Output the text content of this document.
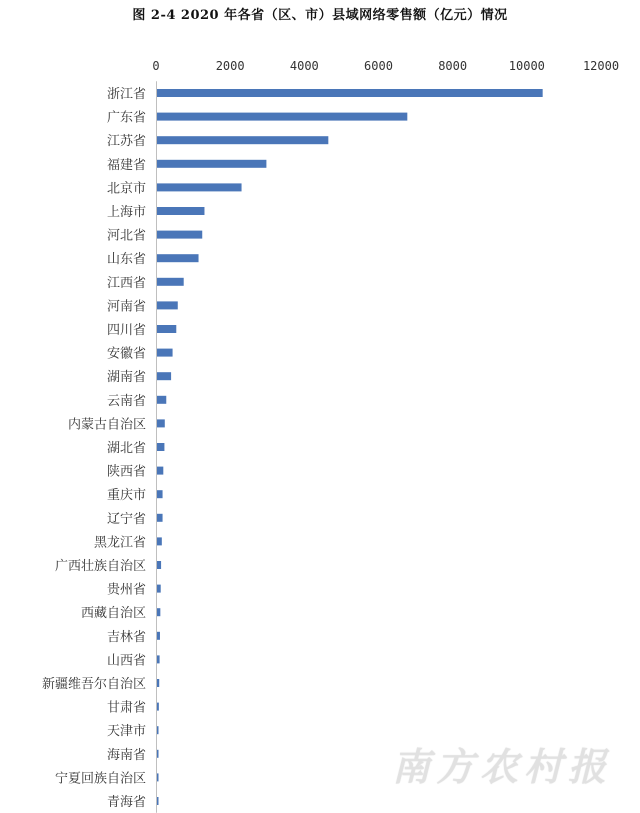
图 2-4 2020 年各省（区、市）县域网络零售额（亿元）情况
0	2000	4000	6000	8000	10000	12000
浙江省
广东省
江苏省
福建省
北京市
上海市
河北省
山东省
江西省
河南省
四川省
安徽省
湖南省
云南省
内蒙古自治区
湖北省
陕西省
重庆市
辽宁省
黑龙江省
广西壮族自治区
贵州省
西藏自治区
吉林省
山西省
新疆维吾尔自治区
甘肃省
天津市
海南省
宁夏回族自治区
青海省
南方农村报
